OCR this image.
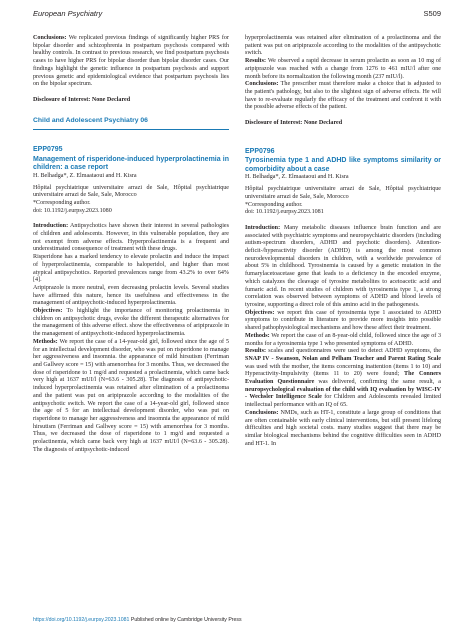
European Psychiatry	S509

Conclusions: We replicated previous findings of significantly higher PRS for bipolar disorder and schizophrenia in postpartum psychosis compared with healthy controls. In contrast to previous research, we find postpartum psychosis cases to have higher PRS for bipolar disorder than bipolar disorder cases. Our findings highlight the genetic influence in postpartum psychosis and support previous genetic and epidemiological evidence that postpartum psychosis lies on the bipolar spectrum.

Disclosure of Interest: None Declared

Child and Adolescent Psychiatry 06
EPP0795
Management of risperidone-induced hyperprolactinemia in children: a case report

H. Belhadga*, Z. Elmaataoui and H. Kisra

Hôpital psychiatrique universitaire arrazi de Sale, Hôpital psychiatrique universitaire arrazi de Sale, Sale, Morocco

*Corresponding author.

doi: 10.1192/j.eurpsy.2023.1080

Introduction: Antipsychotics have shown their interest in several pathologies of children and adolescents. However, in this vulnerable population, they are not exempt from adverse effects. Hyperprolactinemia is a frequent and underestimated consequence of treatment with these drugs.

Risperidone has a marked tendency to elevate prolactin and induce the impact of hyperprolactinemia, comparable to haloperidol, and higher than most atypical antipsychotics. Reported prevalences range from 43.2% to over 64% [4].

Aripiprazole is more neutral, even decreasing prolactin levels. Several studies have affirmed this nature, hence its usefulness and effectiveness in the management of antipsychotic-induced hyperprolactinemia.

Objectives: To highlight the importance of monitoring prolactinemia in children on antipsychotic drugs, evoke the different therapeutic alternatives for the management of this adverse effect. show the effectiveness of aripiprazole in the management of antipsychotic-induced hyperprolactinemia.

Methods: We report the case of a 14-year-old girl, followed since the age of 5 for an intellectual development disorder, who was put on risperidone to manage her aggressiveness and insomnia. the appearance of mild hirsutism (Ferriman and Gallwey score = 15) with amenorrhea for 3 months. Thus, we decreased the dose of risperidone to 1 mg/d and requested a prolactinemia, which came back very high at 1637 mUI/l (N=63.6 - 305.28). The diagnosis of antipsychotic-induced hyperprolactinemia was retained after elimination of a prolactinoma and the patient was put on aripiprazole according to the modalities of the antipsychotic switch. We report the case of a 14-year-old girl, followed since the age of 5 for an intellectual development disorder, who was put on risperidone to manage her aggressiveness and insomnia the appearance of mild hirsutism (Ferriman and Gallwey score = 15) with amenorrhea for 3 months. Thus, we decreased the dose of risperidone to 1 mg/d and requested a prolactinemia, which came back very high at 1637 mUI/l (N=63.6 - 305.28). The diagnosis of antipsychotic-induced

hyperprolactinemia was retained after elimination of a prolactinoma and the patient was put on aripiprazole according to the modalities of the antipsychotic switch.

Results: We observed a rapid decrease in serum prolactin as soon as 10 mg of aripiprazole was reached with a change from 1276 to 461 mIU/l after one month before its normalization the following month (237 mIU/l).

Conclusions: The prescriber must therefore make a choice that is adjusted to the patient's pathology, but also to the slightest sign of adverse effects. He will have to re-evaluate regularly the efficacy of the treatment and confront it with the possible adverse effects of the patient.

Disclosure of Interest: None Declared

EPP0796
Tyrosinemia type 1 and ADHD like symptoms similarity or comorbidity about a case

H. Belhadga*, Z. Elmaataoui and H. Kisra

Hôpital psychiatrique universitaire arrazi de Sale, Hôpital psychiatrique universitaire arrazi de Sale, Sale, Morocco

*Corresponding author.

doi: 10.1192/j.eurpsy.2023.1081

Introduction: Many metabolic diseases influence brain function and are associated with psychiatric symptoms and neuropsychiatric disorders (including autism-spectrum disorders, ADHD and psychotic disorders). Attention-deficit-/hyperactivity disorder (ADHD) is among the most common neurodevelopmental disorders in children, with a worldwide prevalence of about 5% in childhood. Tyrosinemia is caused by a genetic mutation in the fumarylacetoacetase gene that leads to a deficiency in the encoded enzyme, which catalyzes the cleavage of tyrosine metabolites to acetoacetic acid and fumaric acid. In recent studies of children with tyrosinemia type 1, a strong correlation was observed between symptoms of ADHD and blood levels of tyrosine, supporting a direct role of this amino acid in the pathogenesis.

Objectives: we report this case of tyrosinemia type 1 associated to ADHD symptoms to contribute in literature to provide more insights into possible shared pathophysiological mechanisms and how these affect their treatment.

Methods: We report the case of an 8-year-old child, followed since the age of 3 months for a tyrosinemia type 1 who presented symptoms of ADHD.

Results: scales and questionnaires were used to detect ADHD symptoms, the SNAP IV - Swanson, Nolan and Pelham Teacher and Parent Rating Scale was used with the mother, the items concerning inattention (items 1 to 10) and Hyperactivity-Impulsivity (items 11 to 20) were found; The Conners Evaluation Questionnaire was delivered, confirming the same result, a neuropsychological evaluation of the child with IQ evaluation by WISC-IV - Wechsler Intelligence Scale for Children and Adolescents revealed limited intellectual performance with an IQ of 65.

Conclusions: NMDs, such as HT-1, constitute a large group of conditions that are often containable with early clinical interventions, but still present lifelong difficulties and high societal costs. many studies suggest that there may be similar biological mechanisms behind the cognitive difficulties seen in ADHD and HT-1. In

https://doi.org/10.1192/j.eurpsy.2023.1081 Published online by Cambridge University Press
